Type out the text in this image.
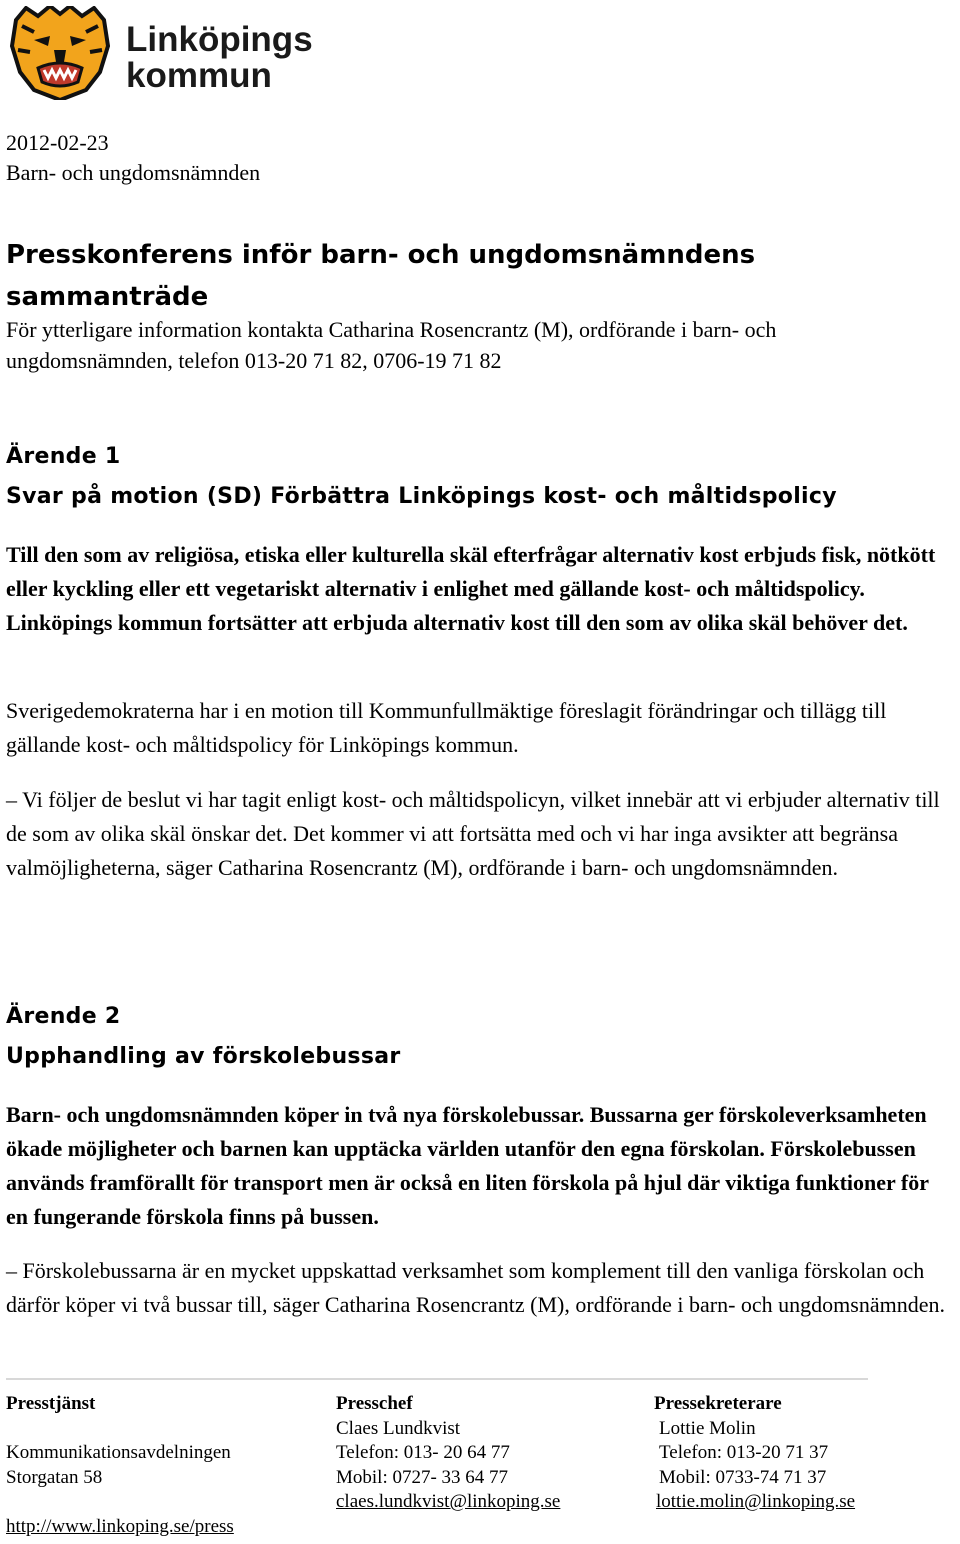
Linköpings
kommun
2012-02-23
Barn- och ungdomsnämnden
Presskonferens inför barn- och ungdomsnämndens sammanträde
För ytterligare information kontakta Catharina Rosencrantz (M), ordförande i barn- och ungdomsnämnden, telefon 013-20 71 82, 0706-19 71 82
Ärende 1
Svar på motion (SD) Förbättra Linköpings kost- och måltidspolicy
Till den som av religiösa, etiska eller kulturella skäl efterfrågar alternativ kost erbjuds fisk, nötkött eller kyckling eller ett vegetariskt alternativ i enlighet med gällande kost- och måltidspolicy. Linköpings kommun fortsätter att erbjuda alternativ kost till den som av olika skäl behöver det.
Sverigedemokraterna har i en motion till Kommunfullmäktige föreslagit förändringar och tillägg till gällande kost- och måltidspolicy för Linköpings kommun.
– Vi följer de beslut vi har tagit enligt kost- och måltidspolicyn, vilket innebär att vi erbjuder alternativ till de som av olika skäl önskar det. Det kommer vi att fortsätta med och vi har inga avsikter att begränsa valmöjligheterna, säger Catharina Rosencrantz (M), ordförande i barn- och ungdomsnämnden.
Ärende 2
Upphandling av förskolebussar
Barn- och ungdomsnämnden köper in två nya förskolebussar. Bussarna ger förskoleverksamheten ökade möjligheter och barnen kan upptäcka världen utanför den egna förskolan. Förskolebussen används framförallt för transport men är också en liten förskola på hjul där viktiga funktioner för en fungerande förskola finns på bussen.
– Förskolebussarna är en mycket uppskattad verksamhet som komplement till den vanliga förskolan och därför köper vi två bussar till, säger Catharina Rosencrantz (M), ordförande i barn- och ungdomsnämnden.
Presstjänst
Kommunikationsavdelningen
Storgatan 58
http://www.linkoping.se/press
Presschef
Claes Lundkvist
Telefon: 013- 20 64 77
Mobil: 0727- 33 64 77
claes.lundkvist@linkoping.se
Pressekreterare
Lottie Molin
Telefon: 013-20 71 37
Mobil: 0733-74 71 37
lottie.molin@linkoping.se
